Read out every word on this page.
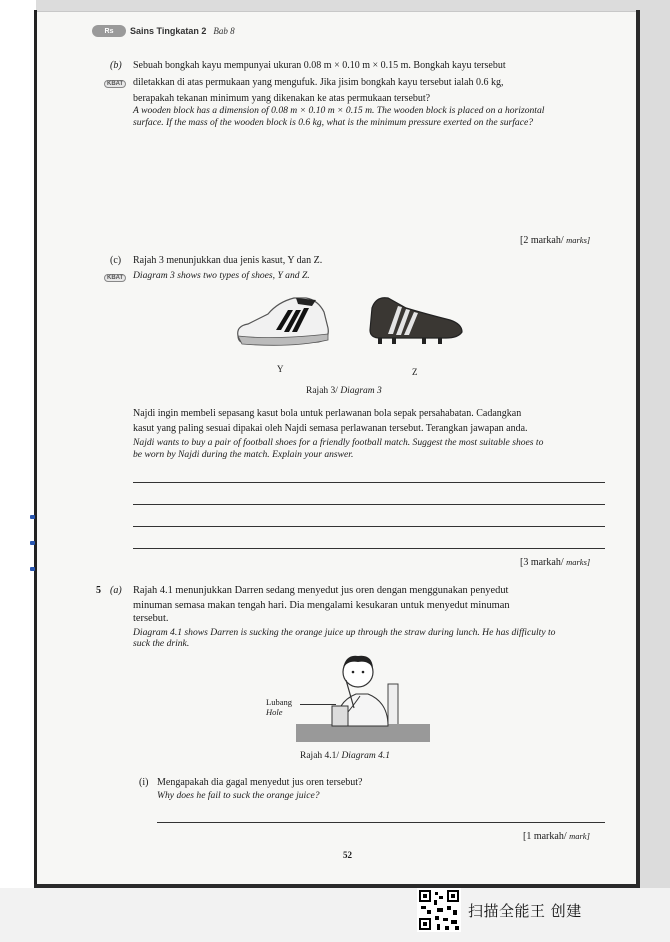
Rs	Sains Tingkatan 2 Bab 8
(b)
KBAT
Sebuah bongkah kayu mempunyai ukuran 0.08 m × 0.10 m × 0.15 m. Bongkah kayu tersebut
diletakkan di atas permukaan yang mengufuk. Jika jisim bongkah kayu tersebut ialah 0.6 kg,
berapakah tekanan minimum yang dikenakan ke atas permukaan tersebut?
A wooden block has a dimension of 0.08 m × 0.10 m × 0.15 m. The wooden block is placed on a horizontal
surface. If the mass of the wooden block is 0.6 kg, what is the minimum pressure exerted on the surface?
[2 markah/ marks]
(c)
KBAT
Rajah 3 menunjukkan dua jenis kasut, Y dan Z.
Diagram 3 shows two types of shoes, Y and Z.
Y	Z
Rajah 3/ Diagram 3
Najdi ingin membeli sepasang kasut bola untuk perlawanan bola sepak persahabatan. Cadangkan
kasut yang paling sesuai dipakai oleh Najdi semasa perlawanan tersebut. Terangkan jawapan anda.
Najdi wants to buy a pair of football shoes for a friendly football match. Suggest the most suitable shoes to
be worn by Najdi during the match. Explain your answer.
[3 markah/ marks]
5 (a) Rajah 4.1 menunjukkan Darren sedang menyedut jus oren dengan menggunakan penyedut
minuman semasa makan tengah hari. Dia mengalami kesukaran untuk menyedut minuman
tersebut.
Diagram 4.1 shows Darren is sucking the orange juice up through the straw during lunch. He has difficulty to
suck the drink.
Lubang
Hole
Rajah 4.1/ Diagram 4.1
(i) Mengapakah dia gagal menyedut jus oren tersebut?
Why does he fail to suck the orange juice?
[1 markah/ mark]
52
扫描全能王 创建
